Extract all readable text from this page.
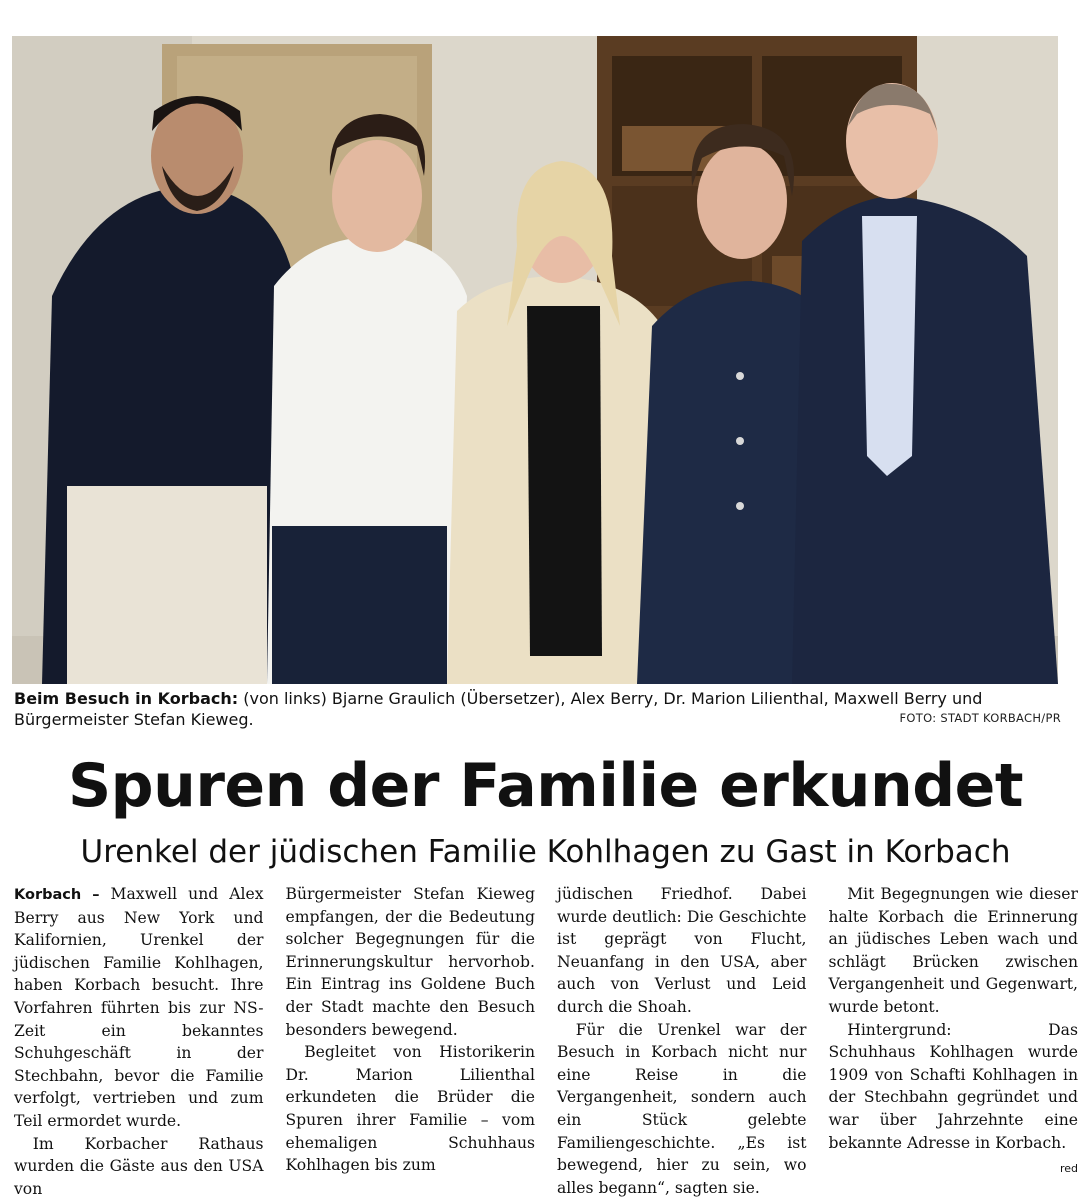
Beim Besuch in Korbach: (von links) Bjarne Graulich (Übersetzer), Alex Berry, Dr. Marion Lilienthal, Maxwell Berry und Bürgermeister Stefan Kieweg.	FOTO: STADT KORBACH/PR
Spuren der Familie erkundet
Urenkel der jüdischen Familie Kohlhagen zu Gast in Korbach

Korbach – Maxwell und Alex Berry aus New York und Kalifornien, Urenkel der jüdischen Familie Kohlhagen, haben Korbach besucht. Ihre Vorfahren führten bis zur NS-Zeit ein bekanntes Schuhgeschäft in der Stechbahn, bevor die Familie verfolgt, vertrieben und zum Teil ermordet wurde.

Im Korbacher Rathaus wurden die Gäste aus den USA von

Bürgermeister Stefan Kieweg empfangen, der die Bedeutung solcher Begegnungen für die Erinnerungskultur hervorhob. Ein Eintrag ins Goldene Buch der Stadt machte den Besuch besonders bewegend.

Begleitet von Historikerin Dr. Marion Lilienthal erkundeten die Brüder die Spuren ihrer Familie – vom ehemaligen Schuhhaus Kohlhagen bis zum

jüdischen Friedhof. Dabei wurde deutlich: Die Geschichte ist geprägt von Flucht, Neuanfang in den USA, aber auch von Verlust und Leid durch die Shoah.

Für die Urenkel war der Besuch in Korbach nicht nur eine Reise in die Vergangenheit, sondern auch ein Stück gelebte Familiengeschichte. „Es ist bewegend, hier zu sein, wo alles begann“, sagten sie.

Mit Begegnungen wie dieser halte Korbach die Erinnerung an jüdisches Leben wach und schlägt Brücken zwischen Vergangenheit und Gegenwart, wurde betont.

Hintergrund: Das Schuhhaus Kohlhagen wurde 1909 von Schafti Kohlhagen in der Stechbahn gegründet und war über Jahrzehnte eine bekannte Adresse in Korbach.
red
